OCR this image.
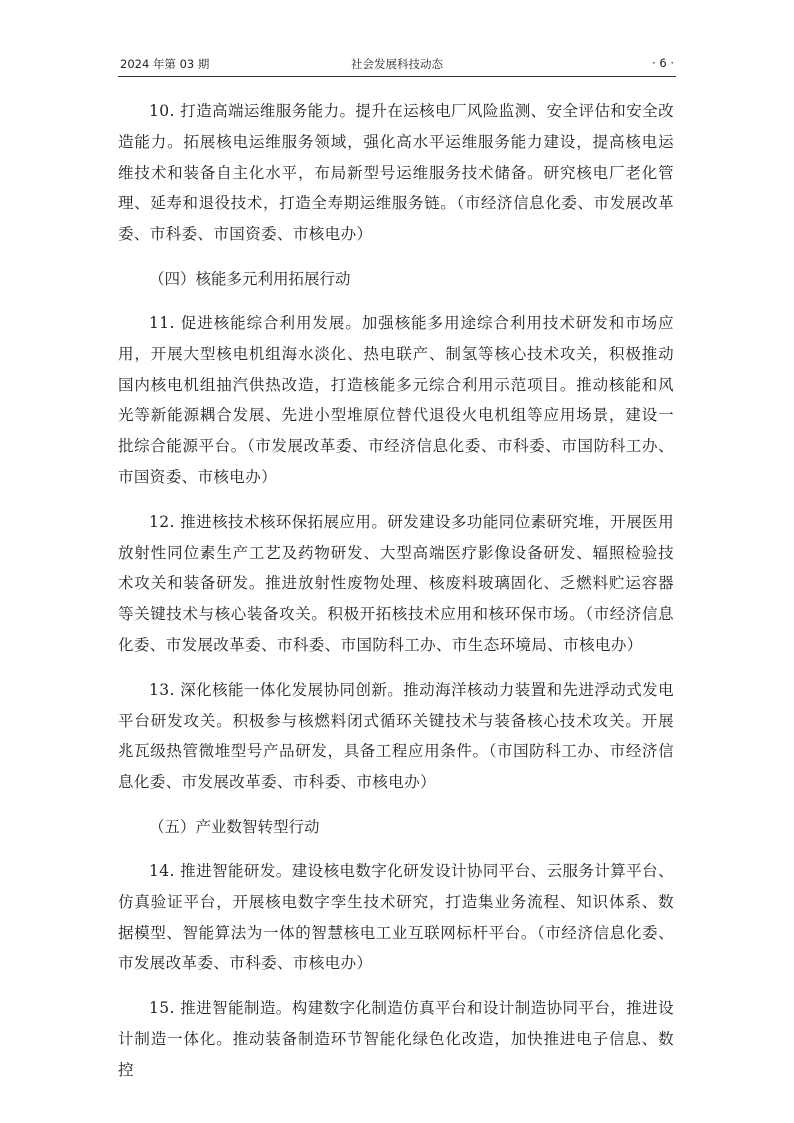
2024 年第 03 期	社会发展科技动态	· 6 ·

10. 打造高端运维服务能力。提升在运核电厂风险监测、安全评估和安全改造能力。拓展核电运维服务领域，强化高水平运维服务能力建设，提高核电运维技术和装备自主化水平，布局新型号运维服务技术储备。研究核电厂老化管理、延寿和退役技术，打造全寿期运维服务链。（市经济信息化委、市发展改革委、市科委、市国资委、市核电办）

（四）核能多元利用拓展行动

11. 促进核能综合利用发展。加强核能多用途综合利用技术研发和市场应用，开展大型核电机组海水淡化、热电联产、制氢等核心技术攻关，积极推动国内核电机组抽汽供热改造，打造核能多元综合利用示范项目。推动核能和风光等新能源耦合发展、先进小型堆原位替代退役火电机组等应用场景，建设一批综合能源平台。（市发展改革委、市经济信息化委、市科委、市国防科工办、市国资委、市核电办）

12. 推进核技术核环保拓展应用。研发建设多功能同位素研究堆，开展医用放射性同位素生产工艺及药物研发、大型高端医疗影像设备研发、辐照检验技术攻关和装备研发。推进放射性废物处理、核废料玻璃固化、乏燃料贮运容器等关键技术与核心装备攻关。积极开拓核技术应用和核环保市场。（市经济信息化委、市发展改革委、市科委、市国防科工办、市生态环境局、市核电办）

13. 深化核能一体化发展协同创新。推动海洋核动力装置和先进浮动式发电平台研发攻关。积极参与核燃料闭式循环关键技术与装备核心技术攻关。开展兆瓦级热管微堆型号产品研发，具备工程应用条件。（市国防科工办、市经济信息化委、市发展改革委、市科委、市核电办）

（五）产业数智转型行动

14. 推进智能研发。建设核电数字化研发设计协同平台、云服务计算平台、仿真验证平台，开展核电数字孪生技术研究，打造集业务流程、知识体系、数据模型、智能算法为一体的智慧核电工业互联网标杆平台。（市经济信息化委、市发展改革委、市科委、市核电办）

15. 推进智能制造。构建数字化制造仿真平台和设计制造协同平台，推进设计制造一体化。推动装备制造环节智能化绿色化改造，加快推进电子信息、数控
